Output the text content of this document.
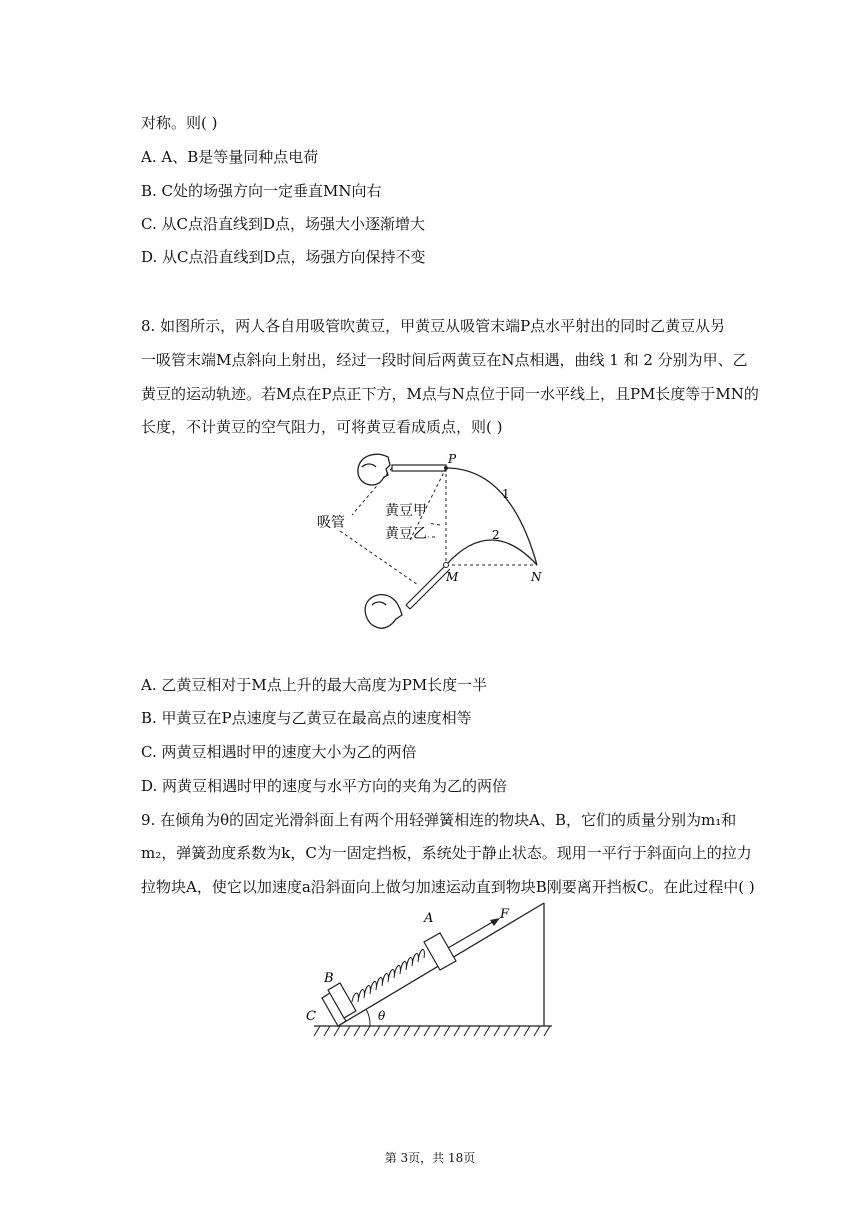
对称。则( )
A. A、B是等量同种点电荷
B. C处的场强方向一定垂直MN向右
C. 从C点沿直线到D点，场强大小逐渐增大
D. 从C点沿直线到D点，场强方向保持不变
8. 如图所示，两人各自用吸管吹黄豆，甲黄豆从吸管末端P点水平射出的同时乙黄豆从另
一吸管末端M点斜向上射出，经过一段时间后两黄豆在N点相遇，曲线 1 和 2 分别为甲、乙
黄豆的运动轨迹。若M点在P点正下方，M点与N点位于同一水平线上，且PM长度等于MN的
长度，不计黄豆的空气阻力，可将黄豆看成质点，则( )
P
M	N
1
2
吸管
黄豆甲
黄豆乙
A. 乙黄豆相对于M点上升的最大高度为PM长度一半
B. 甲黄豆在P点速度与乙黄豆在最高点的速度相等
C. 两黄豆相遇时甲的速度大小为乙的两倍
D. 两黄豆相遇时甲的速度与水平方向的夹角为乙的两倍
9. 在倾角为θ的固定光滑斜面上有两个用轻弹簧相连的物块A、B，它们的质量分别为m₁和
m₂，弹簧劲度系数为k，C为一固定挡板，系统处于静止状态。现用一平行于斜面向上的拉力
拉物块A，使它以加速度a沿斜面向上做匀加速运动直到物块B刚要离开挡板C。在此过程中( )
A	F
B
C	θ
第 3页，共 18页
